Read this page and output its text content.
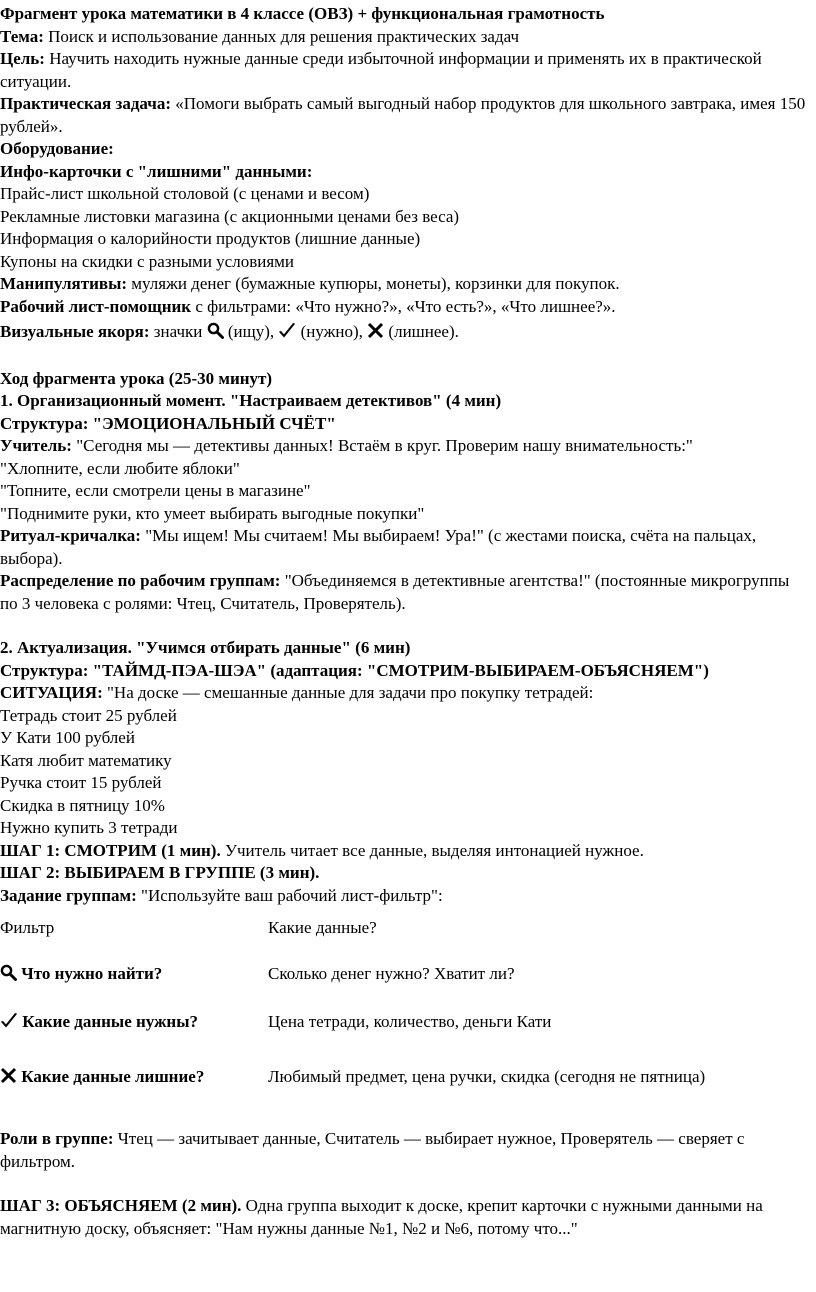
Фрагмент урока математики в 4 классе (ОВЗ) + функциональная грамотность

Тема: Поиск и использование данных для решения практических задач

Цель: Научить находить нужные данные среди избыточной информации и применять их в практической ситуации.

Практическая задача: «Помоги выбрать самый выгодный набор продуктов для школьного завтрака, имея 150 рублей».

Оборудование:

Инфо-карточки с "лишними" данными:

Прайс-лист школьной столовой (с ценами и весом)

Рекламные листовки магазина (с акционными ценами без веса)

Информация о калорийности продуктов (лишние данные)

Купоны на скидки с разными условиями

Манипулятивы: муляжи денег (бумажные купюры, монеты), корзинки для покупок.

Рабочий лист-помощник с фильтрами: «Что нужно?», «Что есть?», «Что лишнее?».

Визуальные якоря: значки  (ищу),  (нужно),  (лишнее).

Ход фрагмента урока (25-30 минут)

1. Организационный момент. "Настраиваем детективов" (4 мин)

Структура: "ЭМОЦИОНАЛЬНЫЙ СЧЁТ"

Учитель: "Сегодня мы — детективы данных! Встаём в круг. Проверим нашу внимательность:"

"Хлопните, если любите яблоки"

"Топните, если смотрели цены в магазине"

"Поднимите руки, кто умеет выбирать выгодные покупки"

Ритуал-кричалка: "Мы ищем! Мы считаем! Мы выбираем! Ура!" (с жестами поиска, счёта на пальцах, выбора).

Распределение по рабочим группам: "Объединяемся в детективные агентства!" (постоянные микрогруппы по 3 человека с ролями: Чтец, Считатель, Проверятель).

2. Актуализация. "Учимся отбирать данные" (6 мин)

Структура: "ТАЙМД-ПЭА-ШЭА" (адаптация: "СМОТРИМ-ВЫБИРАЕМ-ОБЪЯСНЯЕМ")

СИТУАЦИЯ: "На доске — смешанные данные для задачи про покупку тетрадей:

Тетрадь стоит 25 рублей

У Кати 100 рублей

Катя любит математику

Ручка стоит 15 рублей

Скидка в пятницу 10%

Нужно купить 3 тетради

ШАГ 1: СМОТРИМ (1 мин). Учитель читает все данные, выделяя интонацией нужное.

ШАГ 2: ВЫБИРАЕМ В ГРУППЕ (3 мин).

Задание группам: "Используйте ваш рабочий лист-фильтр":

Фильтр	Какие данные?
Что нужно найти?	Сколько денег нужно? Хватит ли?
Какие данные нужны?	Цена тетради, количество, деньги Кати
Какие данные лишние?	Любимый предмет, цена ручки, скидка (сегодня не пятница)

Роли в группе: Чтец — зачитывает данные, Считатель — выбирает нужное, Проверятель — сверяет с фильтром.

ШАГ 3: ОБЪЯСНЯЕМ (2 мин). Одна группа выходит к доске, крепит карточки с нужными данными на магнитную доску, объясняет: "Нам нужны данные №1, №2 и №6, потому что..."
